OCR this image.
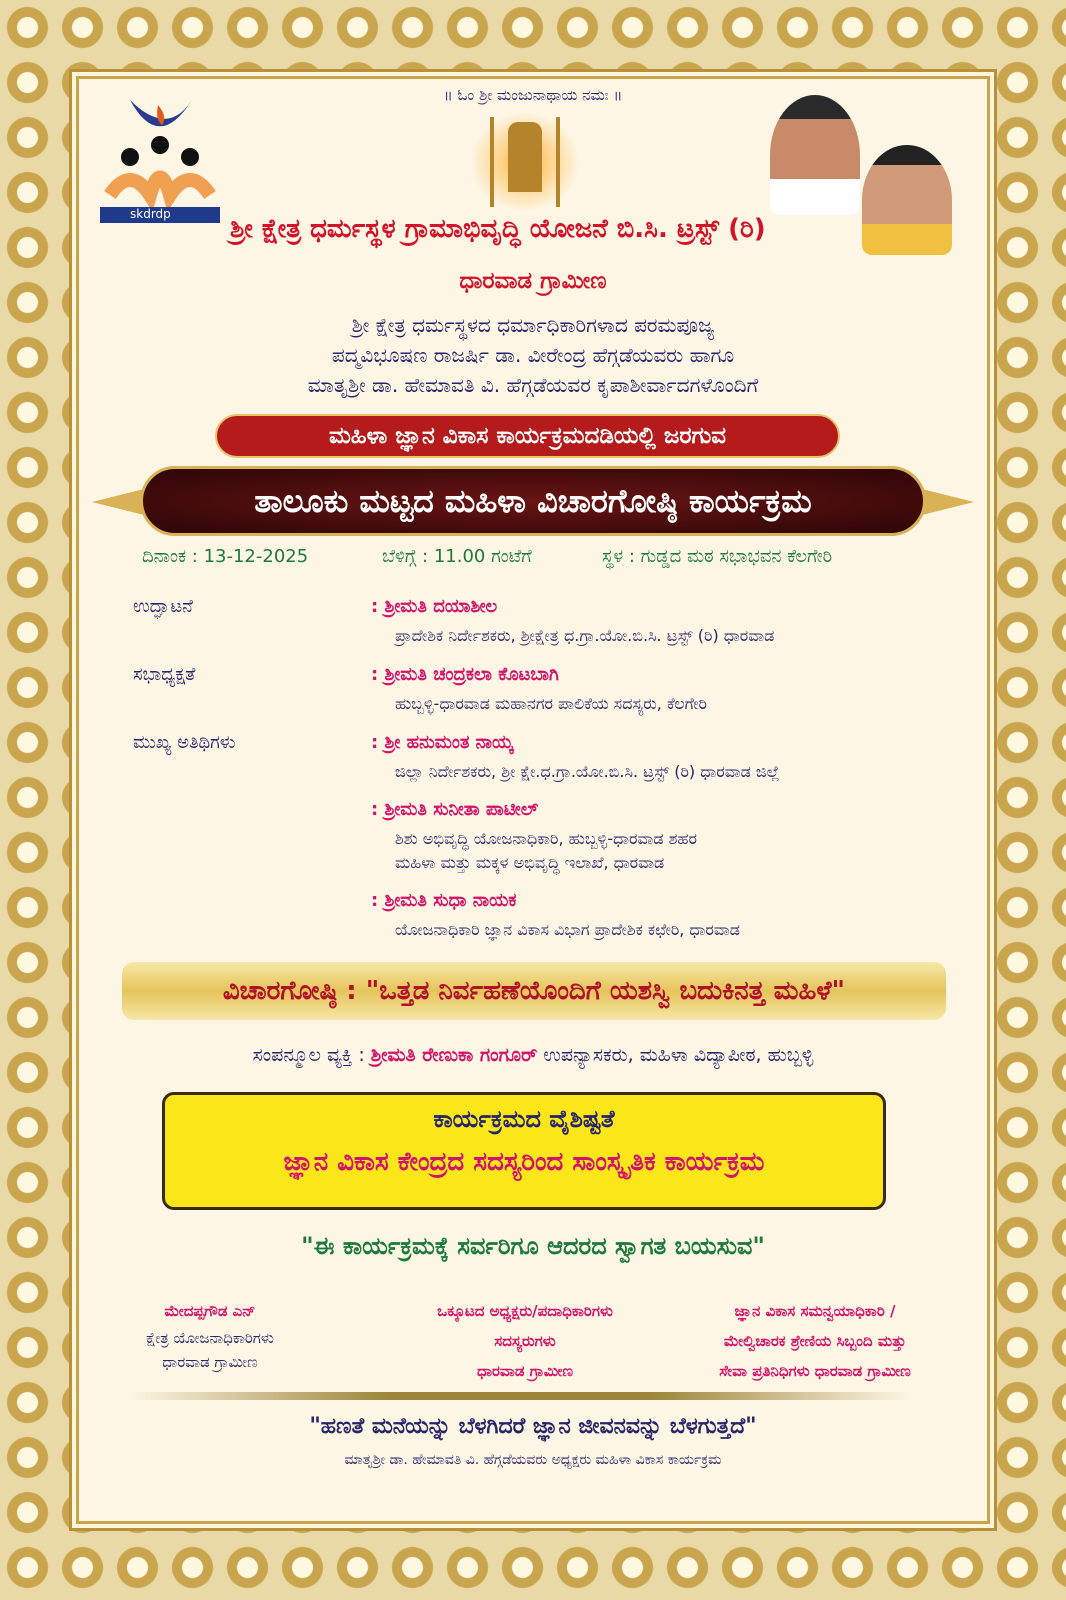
skdrdp
॥ ಓಂ ಶ್ರೀ ಮಂಜುನಾಥಾಯ ನಮಃ ॥
ಶ್ರೀ ಕ್ಷೇತ್ರ ಧರ್ಮಸ್ಥಳ ಗ್ರಾಮಾಭಿವೃದ್ಧಿ ಯೋಜನೆ ಬಿ.ಸಿ. ಟ್ರಸ್ಟ್ (ರಿ)
ಧಾರವಾಡ ಗ್ರಾಮೀಣ
ಶ್ರೀ ಕ್ಷೇತ್ರ ಧರ್ಮಸ್ಥಳದ ಧರ್ಮಾಧಿಕಾರಿಗಳಾದ ಪರಮಪೂಜ್ಯ
ಪದ್ಮವಿಭೂಷಣ ರಾಜರ್ಷಿ ಡಾ. ವೀರೇಂದ್ರ ಹೆಗ್ಗಡೆಯವರು ಹಾಗೂ
ಮಾತೃಶ್ರೀ ಡಾ. ಹೇಮಾವತಿ ವಿ. ಹೆಗ್ಗಡೆಯವರ ಕೃಪಾಶೀರ್ವಾದಗಳೊಂದಿಗೆ
ಮಹಿಳಾ ಜ್ಞಾನ ವಿಕಾಸ ಕಾರ್ಯಕ್ರಮದಡಿಯಲ್ಲಿ ಜರಗುವ
ತಾಲೂಕು ಮಟ್ಟದ ಮಹಿಳಾ ವಿಚಾರಗೋಷ್ಠಿ ಕಾರ್ಯಕ್ರಮ
ದಿನಾಂಕ : 13-12-2025	ಬೆಳಿಗ್ಗೆ : 11.00 ಗಂಟೆಗೆ	ಸ್ಥಳ : ಗುಡ್ಡದ ಮಠ ಸಭಾಭವನ ಕೆಲಗೇರಿ
ಉದ್ಘಾಟನೆ	: ಶ್ರೀಮತಿ ದಯಾಶೀಲ
ಪ್ರಾದೇಶಿಕ ನಿರ್ದೇಶಕರು, ಶ್ರೀಕ್ಷೇತ್ರ ಧ.ಗ್ರಾ.ಯೋ.ಬಿ.ಸಿ. ಟ್ರಸ್ಟ್ (ರಿ) ಧಾರವಾಡ
ಸಭಾಧ್ಯಕ್ಷತೆ	: ಶ್ರೀಮತಿ ಚಂದ್ರಕಲಾ ಕೊಟಬಾಗಿ
ಹುಬ್ಬಳ್ಳಿ-ಧಾರವಾಡ ಮಹಾನಗರ ಪಾಲಿಕೆಯ ಸದಸ್ಯರು, ಕೆಲಗೇರಿ
ಮುಖ್ಯ ಅತಿಥಿಗಳು	: ಶ್ರೀ ಹನುಮಂತ ನಾಯ್ಕ
ಜಿಲ್ಲಾ ನಿರ್ದೇಶಕರು, ಶ್ರೀ ಕ್ಷೇ.ಧ.ಗ್ರಾ.ಯೋ.ಬಿ.ಸಿ. ಟ್ರಸ್ಟ್ (ರಿ) ಧಾರವಾಡ ಜಿಲ್ಲೆ
: ಶ್ರೀಮತಿ ಸುನೀತಾ ಪಾಟೀಲ್
ಶಿಶು ಅಭಿವೃದ್ಧಿ ಯೋಜನಾಧಿಕಾರಿ, ಹುಬ್ಬಳ್ಳಿ-ಧಾರವಾಡ ಶಹರ
ಮಹಿಳಾ ಮತ್ತು ಮಕ್ಕಳ ಅಭಿವೃದ್ಧಿ ಇಲಾಖೆ, ಧಾರವಾಡ
: ಶ್ರೀಮತಿ ಸುಧಾ ನಾಯಕ
ಯೋಜನಾಧಿಕಾರಿ ಜ್ಞಾನ ವಿಕಾಸ ವಿಭಾಗ ಪ್ರಾದೇಶಿಕ ಕಛೇರಿ, ಧಾರವಾಡ
ವಿಚಾರಗೋಷ್ಠಿ : "ಒತ್ತಡ ನಿರ್ವಹಣೆಯೊಂದಿಗೆ ಯಶಸ್ವಿ ಬದುಕಿನತ್ತ ಮಹಿಳೆ"
ಸಂಪನ್ಮೂಲ ವ್ಯಕ್ತಿ : ಶ್ರೀಮತಿ ರೇಣುಕಾ ಗಂಗೂರ್ ಉಪನ್ಯಾಸಕರು, ಮಹಿಳಾ ವಿದ್ಯಾಪೀಠ, ಹುಬ್ಬಳ್ಳಿ
ಕಾರ್ಯಕ್ರಮದ ವೈಶಿಷ್ಟತೆ
ಜ್ಞಾನ ವಿಕಾಸ ಕೇಂದ್ರದ ಸದಸ್ಯರಿಂದ ಸಾಂಸ್ಕೃತಿಕ ಕಾರ್ಯಕ್ರಮ
"ಈ ಕಾರ್ಯಕ್ರಮಕ್ಕೆ ಸರ್ವರಿಗೂ ಆದರದ ಸ್ವಾಗತ ಬಯಸುವ"
ಮೇದಪ್ಪಗೌಡ ಎನ್
ಕ್ಷೇತ್ರ ಯೋಜನಾಧಿಕಾರಿಗಳು
ಧಾರವಾಡ ಗ್ರಾಮೀಣ
ಒಕ್ಕೂಟದ ಅಧ್ಯಕ್ಷರು/ಪದಾಧಿಕಾರಿಗಳು
ಸದಸ್ಯರುಗಳು
ಧಾರವಾಡ ಗ್ರಾಮೀಣ
ಜ್ಞಾನ ವಿಕಾಸ ಸಮನ್ವಯಾಧಿಕಾರಿ /
ಮೇಲ್ವಿಚಾರಕ ಶ್ರೇಣಿಯ ಸಿಬ್ಬಂದಿ ಮತ್ತು
ಸೇವಾ ಪ್ರತಿನಿಧಿಗಳು ಧಾರವಾಡ ಗ್ರಾಮೀಣ
"ಹಣತೆ ಮನೆಯನ್ನು ಬೆಳಗಿದರೆ ಜ್ಞಾನ ಜೀವನವನ್ನು ಬೆಳಗುತ್ತದೆ"
ಮಾತೃಶ್ರೀ ಡಾ. ಹೇಮಾವತಿ ವಿ. ಹೆಗ್ಗಡೆಯವರು ಅಧ್ಯಕ್ಷರು ಮಹಿಳಾ ವಿಕಾಸ ಕಾರ್ಯಕ್ರಮ
